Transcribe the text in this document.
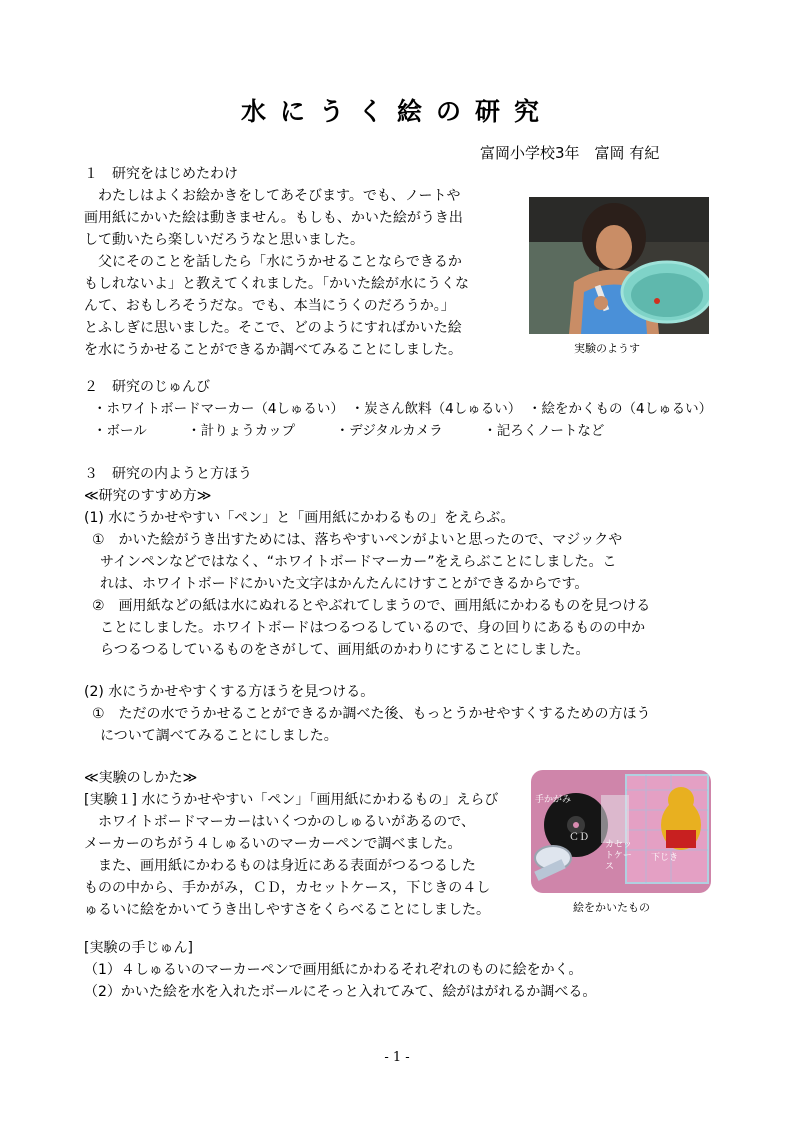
水にうく絵の研究
富岡小学校3年　富岡 有紀
１　研究をはじめたわけ
　わたしはよくお絵かきをしてあそびます。でも、ノートや
画用紙にかいた絵は動きません。もしも、かいた絵がうき出
して動いたら楽しいだろうなと思いました。
　父にそのことを話したら「水にうかせることならできるか
もしれないよ」と教えてくれました。「かいた絵が水にうくな
んて、おもしろそうだな。でも、本当にうくのだろうか。」
とふしぎに思いました。そこで、どのようにすればかいた絵
を水にうかせることができるか調べてみることにしました。	実験のようす
２　研究のじゅんび
・ホワイトボードマーカー（4しゅるい）　・炭さん飲料（4しゅるい）　・絵をかくもの（4しゅるい）
・ボール　　　・計りょうカップ　　　・デジタルカメラ　　　・記ろくノートなど
３　研究の内ようと方ほう
≪研究のすすめ方≫
(1) 水にうかせやすい「ペン」と「画用紙にかわるもの」をえらぶ。
①　かいた絵がうき出すためには、落ちやすいペンがよいと思ったので、マジックや
サインペンなどではなく、“ホワイトボードマーカー”をえらぶことにしました。こ
れは、ホワイトボードにかいた文字はかんたんにけすことができるからです。
②　画用紙などの紙は水にぬれるとやぶれてしまうので、画用紙にかわるものを見つける
ことにしました。ホワイトボードはつるつるしているので、身の回りにあるものの中か
らつるつるしているものをさがして、画用紙のかわりにすることにしました。
(2) 水にうかせやすくする方ほうを見つける。
①　ただの水でうかせることができるか調べた後、もっとうかせやすくするための方ほう
について調べてみることにしました。
≪実験のしかた≫
[実験１] 水にうかせやすい「ペン」「画用紙にかわるもの」えらび
　ホワイトボードマーカーはいくつかのしゅるいがあるので、
メーカーのちがう４しゅるいのマーカーペンで調べました。
　また、画用紙にかわるものは身近にある表面がつるつるした
ものの中から、手かがみ，ＣＤ，カセットケース，下じきの４し
ゅるいに絵をかいてうき出しやすさをくらべることにしました。
手かがみ
ＣＤ
カセットケース
下じき
絵をかいたもの
[実験の手じゅん]
（1）４しゅるいのマーカーペンで画用紙にかわるそれぞれのものに絵をかく。
（2）かいた絵を水を入れたボールにそっと入れてみて、絵がはがれるか調べる。
- 1 -
